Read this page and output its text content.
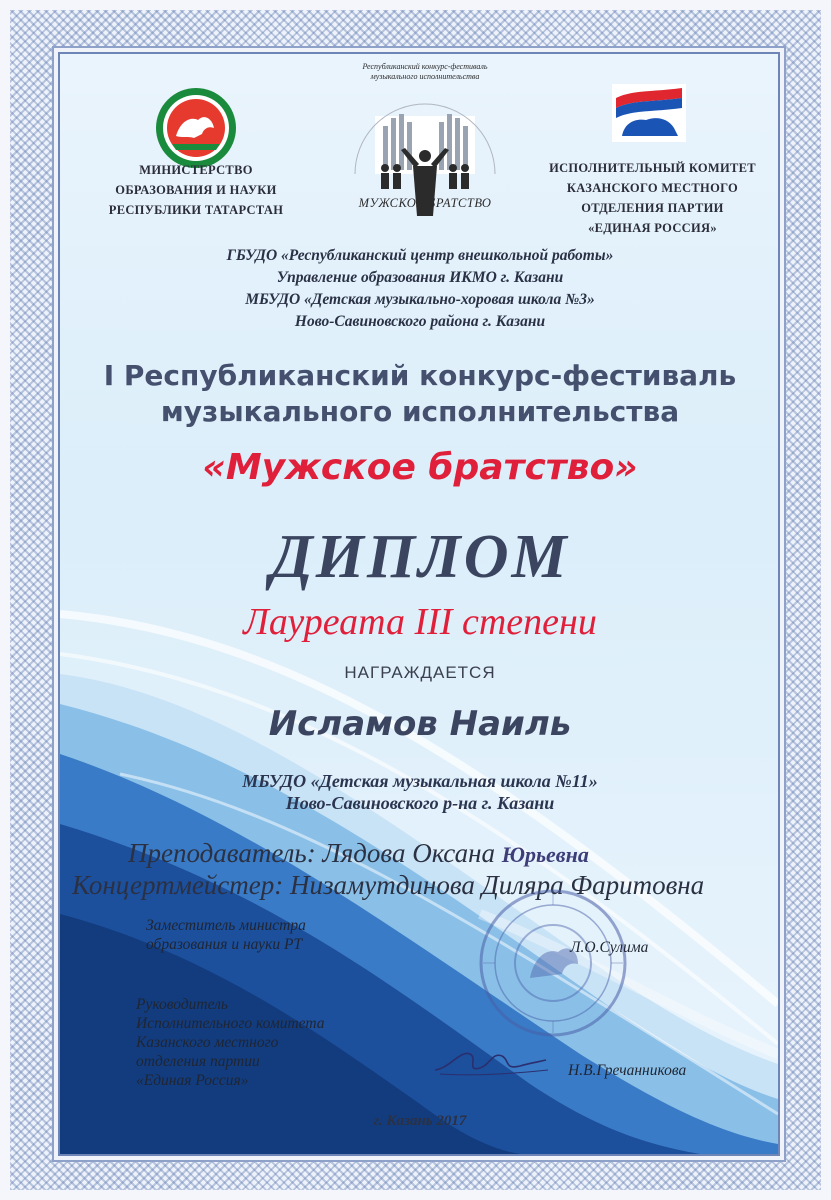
МУЖСКОЕ БРАТСТВО
Республиканский конкурс-фестиваль музыкального исполнительства
МИНИСТЕРСТВО
ОБРАЗОВАНИЯ И НАУКИ
РЕСПУБЛИКИ ТАТАРСТАН
ИСПОЛНИТЕЛЬНЫЙ КОМИТЕТ
КАЗАНСКОГО МЕСТНОГО
ОТДЕЛЕНИЯ ПАРТИИ
«ЕДИНАЯ РОССИЯ»
ГБУДО «Республиканский центр внешкольной работы»
Управление образования ИКМО г. Казани
МБУДО «Детская музыкально-хоровая школа №3»
Ново-Савиновского района г. Казани
I Республиканский конкурс-фестиваль
музыкального исполнительства
«Мужское братство»
ДИПЛОМ
Лауреата III степени
НАГРАЖДАЕТСЯ
Исламов Наиль
МБУДО «Детская музыкальная школа №11»
Ново-Савиновского р-на г. Казани
Преподаватель: Лядова Оксана Юрьевна
Концертмейстер: Низамутдинова Диляра Фаритовна
Заместитель министра
образования и науки РТ	Л.О.Сулима
Руководитель
Исполнительного комитета
Казанского местного
отделения партии
«Единая Россия»
Н.В.Гречанникова
г. Казань 2017
